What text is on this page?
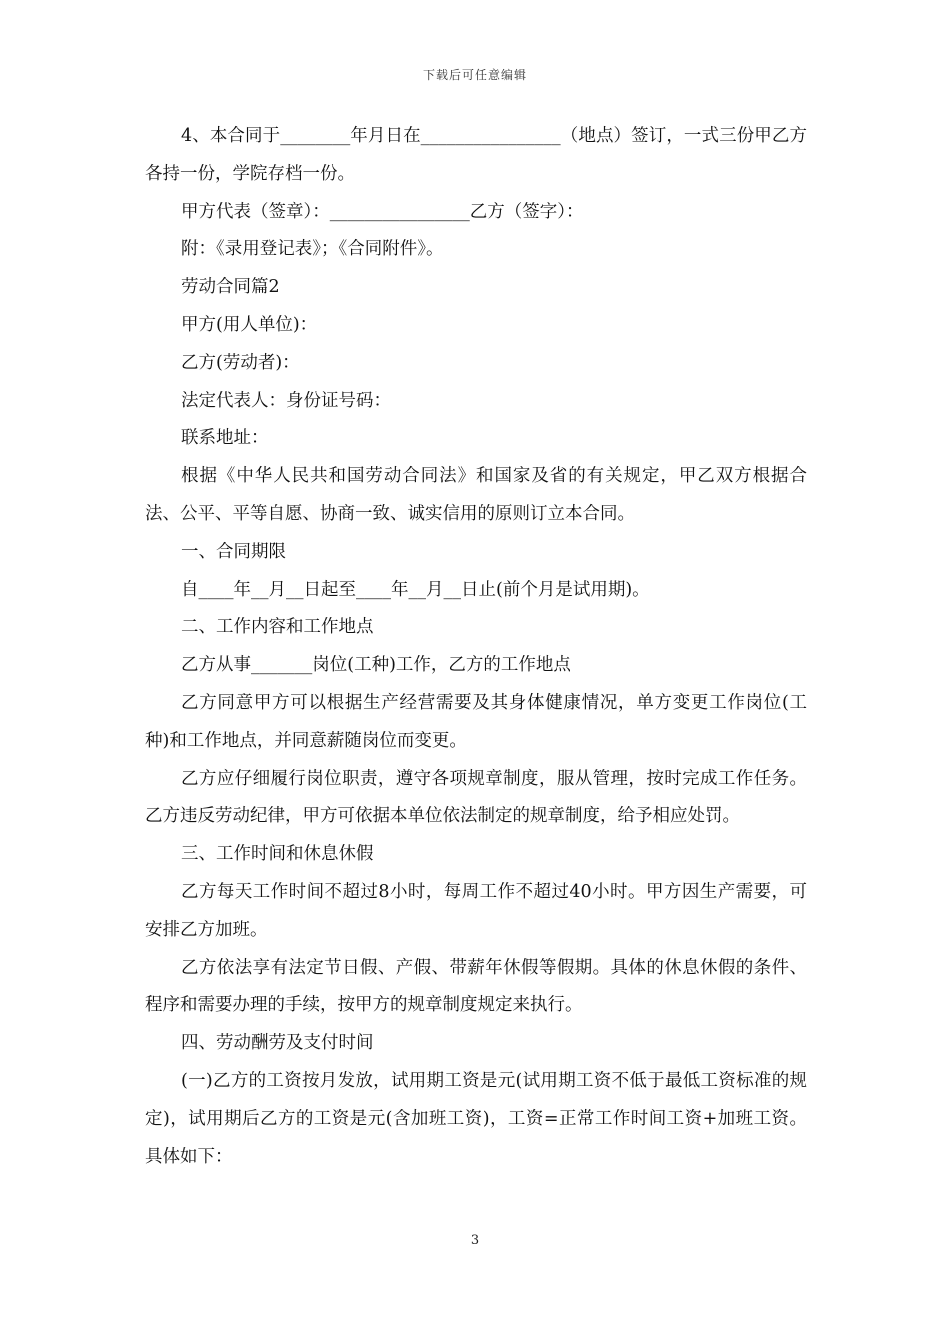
下载后可任意编辑

4、本合同于________年月日在________________（地点）签订，一式三份甲乙方各持一份，学院存档一份。

甲方代表（签章）：________________乙方（签字）：

附：《录用登记表》；《合同附件》。

劳动合同篇2

甲方(用人单位)：

乙方(劳动者)：

法定代表人：身份证号码：

联系地址：

根据《中华人民共和国劳动合同法》和国家及省的有关规定，甲乙双方根据合法、公平、平等自愿、协商一致、诚实信用的原则订立本合同。

一、合同期限

自____年__月__日起至____年__月__日止(前个月是试用期)。

二、工作内容和工作地点

乙方从事_______岗位(工种)工作，乙方的工作地点

乙方同意甲方可以根据生产经营需要及其身体健康情况，单方变更工作岗位(工种)和工作地点，并同意薪随岗位而变更。

乙方应仔细履行岗位职责，遵守各项规章制度，服从管理，按时完成工作任务。乙方违反劳动纪律，甲方可依据本单位依法制定的规章制度，给予相应处罚。

三、工作时间和休息休假

乙方每天工作时间不超过8小时，每周工作不超过40小时。甲方因生产需要，可安排乙方加班。

乙方依法享有法定节日假、产假、带薪年休假等假期。具体的休息休假的条件、程序和需要办理的手续，按甲方的规章制度规定来执行。

四、劳动酬劳及支付时间

(一)乙方的工资按月发放，试用期工资是元(试用期工资不低于最低工资标准的规定)，试用期后乙方的工资是元(含加班工资)，工资=正常工作时间工资+加班工资。具体如下：

3
